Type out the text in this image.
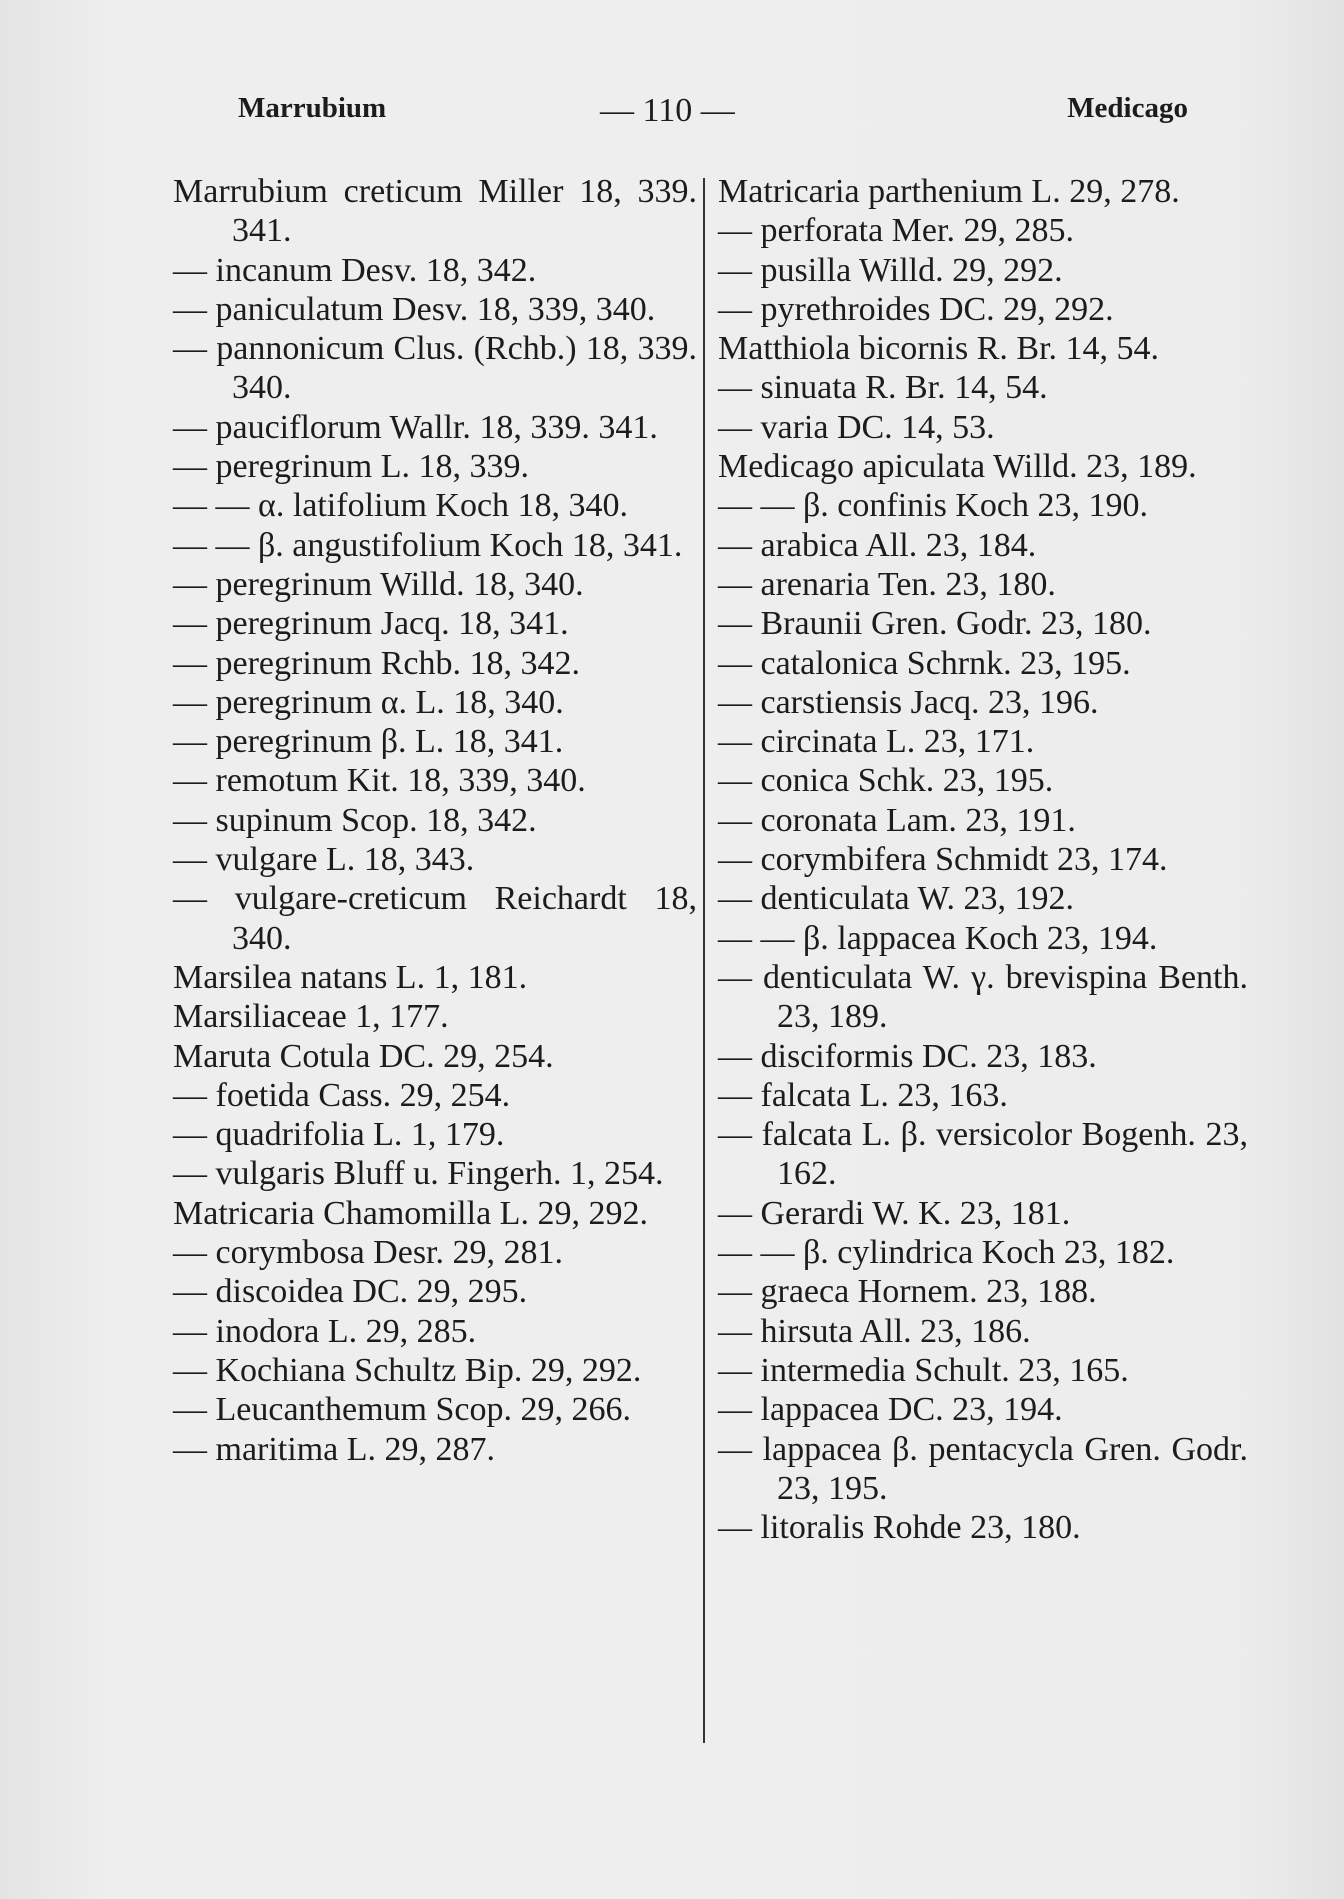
Marrubium	— 110 —	Medicago
Marrubium creticum Miller 18, 339. 341.
— incanum Desv. 18, 342.
— paniculatum Desv. 18, 339, 340.
— pannonicum Clus. (Rchb.) 18, 339. 340.
— pauciflorum Wallr. 18, 339. 341.
— peregrinum L. 18, 339.
— — α. latifolium Koch 18, 340.
— — β. angustifolium Koch 18, 341.
— peregrinum Willd. 18, 340.
— peregrinum Jacq. 18, 341.
— peregrinum Rchb. 18, 342.
— peregrinum α. L. 18, 340.
— peregrinum β. L. 18, 341.
— remotum Kit. 18, 339, 340.
— supinum Scop. 18, 342.
— vulgare L. 18, 343.
— vulgare-creticum Reichardt 18, 340.
Marsilea natans L. 1, 181.
Marsiliaceae 1, 177.
Maruta Cotula DC. 29, 254.
— foetida Cass. 29, 254.
— quadrifolia L. 1, 179.
— vulgaris Bluff u. Fingerh. 1, 254.
Matricaria Chamomilla L. 29, 292.
— corymbosa Desr. 29, 281.
— discoidea DC. 29, 295.
— inodora L. 29, 285.
— Kochiana Schultz Bip. 29, 292.
— Leucanthemum Scop. 29, 266.
— maritima L. 29, 287.
Matricaria parthenium L. 29, 278.
— perforata Mer. 29, 285.
— pusilla Willd. 29, 292.
— pyrethroides DC. 29, 292.
Matthiola bicornis R. Br. 14, 54.
— sinuata R. Br. 14, 54.
— varia DC. 14, 53.
Medicago apiculata Willd. 23, 189.
— — β. confinis Koch 23, 190.
— arabica All. 23, 184.
— arenaria Ten. 23, 180.
— Braunii Gren. Godr. 23, 180.
— catalonica Schrnk. 23, 195.
— carstiensis Jacq. 23, 196.
— circinata L. 23, 171.
— conica Schk. 23, 195.
— coronata Lam. 23, 191.
— corymbifera Schmidt 23, 174.
— denticulata W. 23, 192.
— — β. lappacea Koch 23, 194.
— denticulata W. γ. brevispina Benth. 23, 189.
— disciformis DC. 23, 183.
— falcata L. 23, 163.
— falcata L. β. versicolor Bogenh. 23, 162.
— Gerardi W. K. 23, 181.
— — β. cylindrica Koch 23, 182.
— graeca Hornem. 23, 188.
— hirsuta All. 23, 186.
— intermedia Schult. 23, 165.
— lappacea DC. 23, 194.
— lappacea β. pentacycla Gren. Godr. 23, 195.
— litoralis Rohde 23, 180.
